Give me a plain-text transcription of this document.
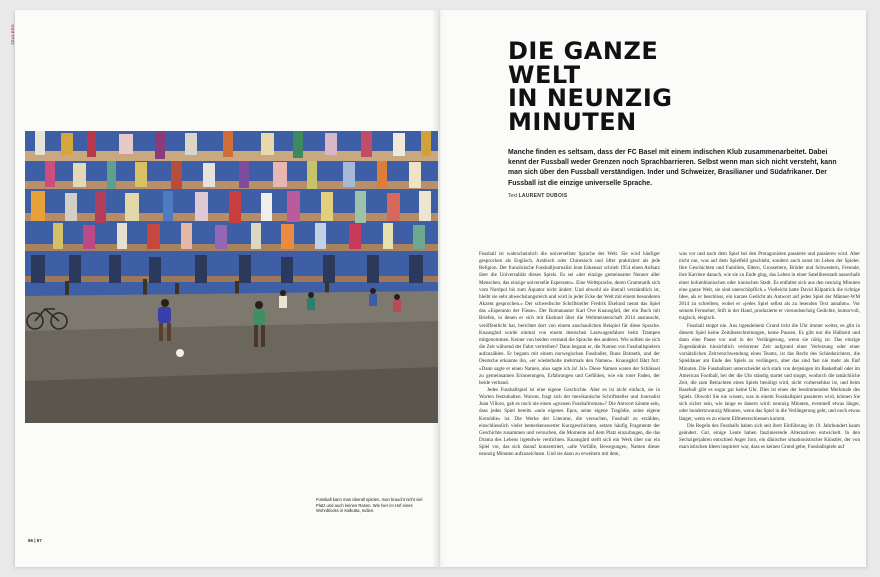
ZEALERS
Fussball kann man überall spielen, man braucht nicht viel Platz und auch keinen Rasen. Wie hier im Hof eines Wohnblocks in Kalkutta, Indien.
66 | 67
DIE GANZE
WELT
IN NEUNZIG
MINUTEN
Manche finden es seltsam, dass der FC Basel mit einem indischen Klub zusammenarbeitet. Dabei kennt der Fussball weder Grenzen noch Sprachbarrieren. Selbst wenn man sich nicht versteht, kann man sich über den Fussball verständigen. Inder und Schweizer, Brasilianer und Südafrikaner. Der Fussball ist die einzige universelle Sprache.
Text LAURENT DUBOIS

Fussball ist wahrscheinlich die universellste Sprache der Welt. Sie wird häufiger gesprochen als Englisch, Arabisch oder Chinesisch und öfter praktiziert als jede Religion. Der französische Fussballjournalist Jean Eskenazi schrieb 1954 einen Aufsatz über die Universalität dieses Spiels. Es sei »der einzige gemeinsame Nenner aller Menschen, das einzige universelle Esperanto«. Eine Weltsprache, deren Grammatik sich vom Nordpol bis zum Äquator nicht ändert. Und obwohl sie überall verständlich ist, bleibt sie sehr abwechslungsreich und wird in jeder Ecke der Welt mit einem besonderen Akzent gesprochen.« Der schwedische Schriftsteller Fredrik Ekelund nennt das Spiel das »Esperanto der Füsse«. Der Romanautor Karl Ove Knausgård, der ein Buch mit Briefen, in denen er sich mit Ekelund über die Weltmeisterschaft 2014 austauscht, veröffentlicht hat, berichtet dort von einem anschaulichen Beispiel für diese Sprache. Knausgård wurde einmal von einem deutschen Lastwagenfahrer beim Trampen mitgenommen. Keiner von beiden verstand die Sprache des anderen. Wie sollten sie sich die Zeit während der Fahrt vertreiben? Dann begann er, die Namen von Fussballspielern aufzuzählen. Er begann mit einem norwegischen Fussballer, Rune Bratseth, und der Deutsche erkannte ihn, »er wiederholte mehrmals den Namen«. Knausgård fährt fort: »Dann sagte er einen Namen, also sagte ich Ja! Ja!« Diese Namen waren der Schlüssel zu gemeinsamen Erinnerungen, Erfahrungen und Gefühlen, wie ein roter Faden, der beide verband.

Jedes Fussballspiel ist eine eigene Geschichte. Aber es ist nicht einfach, sie in Worten festzuhalten. Warum, fragt sich der mexikanische Schriftsteller und Journalist Juan Villoro, gab es noch nie einen »grossen Fussballroman«? Die Antwort könnte sein, dass jedes Spiel bereits »sein eigenes Epos, seine eigene Tragödie, seine eigene Komödie« ist. Die Werke der Literatur, die versuchen, Fussball zu erzählen, einschliesslich vieler bemerkenswerter Kurzgeschichten, setzen häufig Fragmente der Geschichte zusammen und versuchen, die Momente auf dem Platz einzufangen, die das Drama des Lebens irgendwie verdichten. Knausgård stellt sich ein Werk über nur ein Spiel vor, das sich darauf konzentriert, »alle Vorfälle, Bewegungen, Namen dieser neunzig Minuten aufzuzeichnen. Und sie dann zu erweitern mit dem,

was vor und nach dem Spiel bei den Protagonisten passierte und passieren wird. Aber nicht nur, was auf dem Spielfeld geschieht, sondern auch sonst im Leben der Spieler. Ihre Geschichten und Familien, Eltern, Grosseltern, Brüder und Schwestern, Freunde, ihre Karriere danach, wie sie zu Ende ging, das Leben in einer Satellitenstadt ausserhalb einer kolumbianischen oder iranischen Stadt. Es entfaltet sich aus den neunzig Minuten eine ganze Welt, sie sind unerschöpflich.« Vielleicht hatte David Kilpatrick die richtige Idee, als er beschloss, ein kurzes Gedicht als Antwort auf jedes Spiel der Männer-WM 2014 zu schreiben, wobei er »jedes Spiel selbst als zu lesenden Text annahm«. Vor seinem Fernseher, Stift in der Hand, produzierte er vierundsechzig Gedichte, humorvoll, tragisch, elegisch.

Fussball stoppt nie. Aus irgendeinem Grund tickt die Uhr immer weiter, es gibt in diesem Spiel keine Zeitüberschreitungen, keine Pausen. Es gibt nur die Halbzeit und dann eine Pause vor und in der Verlängerung, wenn sie nötig ist. Das einzige Zugeständnis hinsichtlich verlorener Zeit aufgrund einer Verletzung oder einer vorsätzlichen Zeitverschwendung eines Teams, ist das Recht des Schiedsrichters, die Spieldauer am Ende des Spiels zu verlängern, aber das sind fast nie mehr als fünf Minuten. Die Fussballzeit unterscheidet sich stark von derjenigen im Basketball oder im American Football, bei der die Uhr ständig startet und stoppt, wodurch die tatsächliche Zeit, die zum Betrachten eines Spiels benötigt wird, nicht vorhersehbar ist, und beim Baseball gibt es sogar gar keine Uhr. Dies ist eines der bestimmenden Merkmale des Spiels. Obwohl Sie nie wissen, was in einem Fussballspiel passieren wird, können Sie sich sicher sein, wie lange es dauern wird: neunzig Minuten, eventuell etwas länger, oder hundertzwanzig Minuten, wenn das Spiel in die Verlängerung geht, und noch etwas länger, wenn es zu einem Elfmeterschiessen kommt.

Die Regeln des Fussballs haben sich seit ihrer Einführung im 19. Jahrhundert kaum geändert. Gut, einige Leute haben faszinierende Alternativen entwickelt. In den Sechzigerjahren entschied Asger Jorn, ein dänischer situationistischer Künstler, der von marxistischen Ideen inspiriert war, dass es keinen Grund gebe, Fussballspiele auf
